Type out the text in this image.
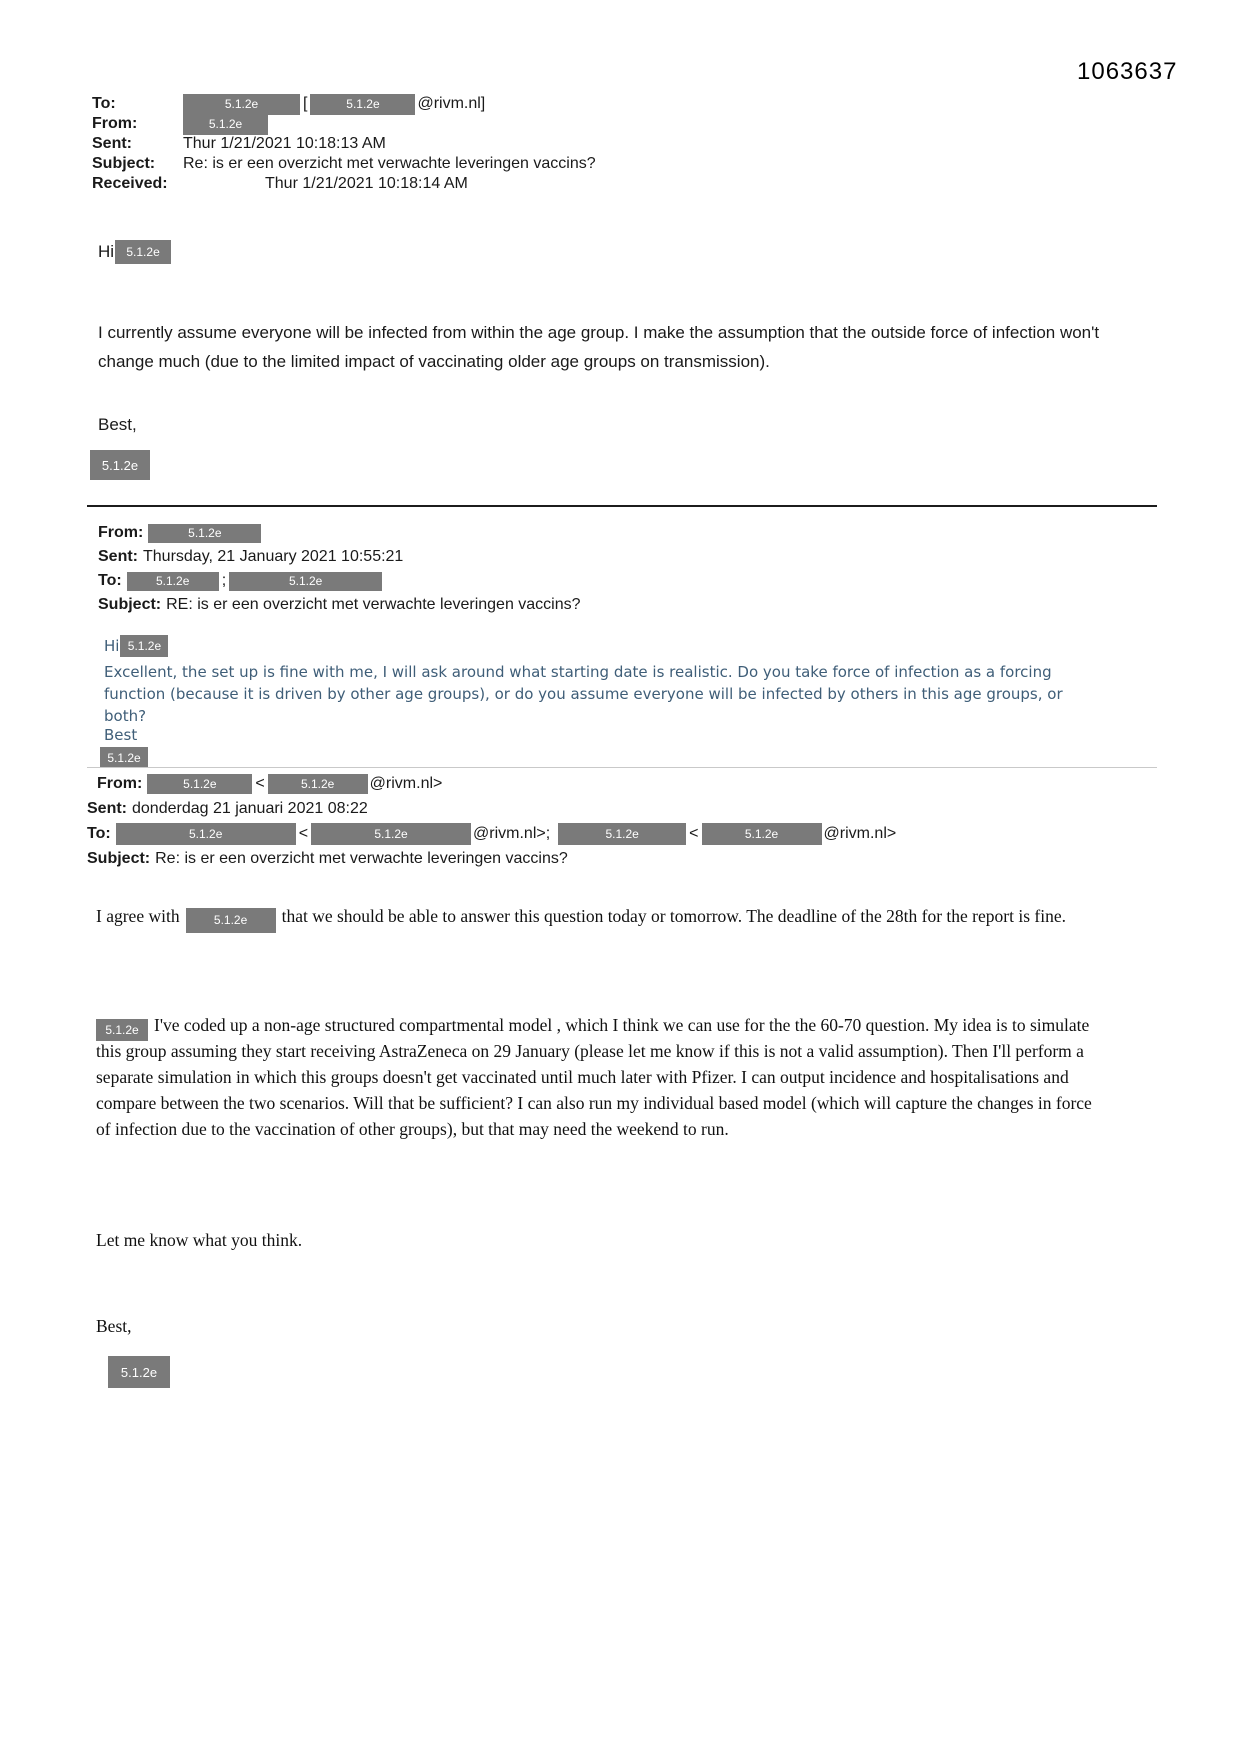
1063637
To:	5.1.2e	[	5.1.2e	@rivm.nl]
From:	5.1.2e
Sent:	Thur 1/21/2021 10:18:13 AM
Subject:	Re: is er een overzicht met verwachte leveringen vaccins?
Received:	Thur 1/21/2021 10:18:14 AM
Hi	5.1.2e
I currently assume everyone will be infected from within the age group. I make the assumption that the outside force of infection won't change much (due to the limited impact of vaccinating older age groups on transmission).
Best,
5.1.2e
From:	5.1.2e
Sent: Thursday, 21 January 2021 10:55:21
To:	5.1.2e	;	5.1.2e
Subject: RE: is er een overzicht met verwachte leveringen vaccins?
Hi 5.1.2e
Excellent, the set up is fine with me, I will ask around what starting date is realistic. Do you take force of infection as a forcing function (because it is driven by other age groups), or do you assume everyone will be infected by others in this age groups, or both?
Best
5.1.2e
From:	5.1.2e	<	5.1.2e	@rivm.nl>
Sent: donderdag 21 januari 2021 08:22
To:	5.1.2e	<	5.1.2e	@rivm.nl>;	5.1.2e	<	5.1.2e	@rivm.nl>
Subject: Re: is er een overzicht met verwachte leveringen vaccins?
I agree with	5.1.2e that we should be able to answer this question today or tomorrow. The deadline of the 28th for the report is fine.
5.1.2e I've coded up a non-age structured compartmental model , which I think we can use for the the 60-70 question. My idea is to simulate this group assuming they start receiving AstraZeneca on 29 January (please let me know if this is not a valid assumption). Then I'll perform a separate simulation in which this groups doesn't get vaccinated until much later with Pfizer. I can output incidence and hospitalisations and compare between the two scenarios. Will that be sufficient? I can also run my individual based model (which will capture the changes in force of infection due to the vaccination of other groups), but that may need the weekend to run.
Let me know what you think.
Best,
5.1.2e
